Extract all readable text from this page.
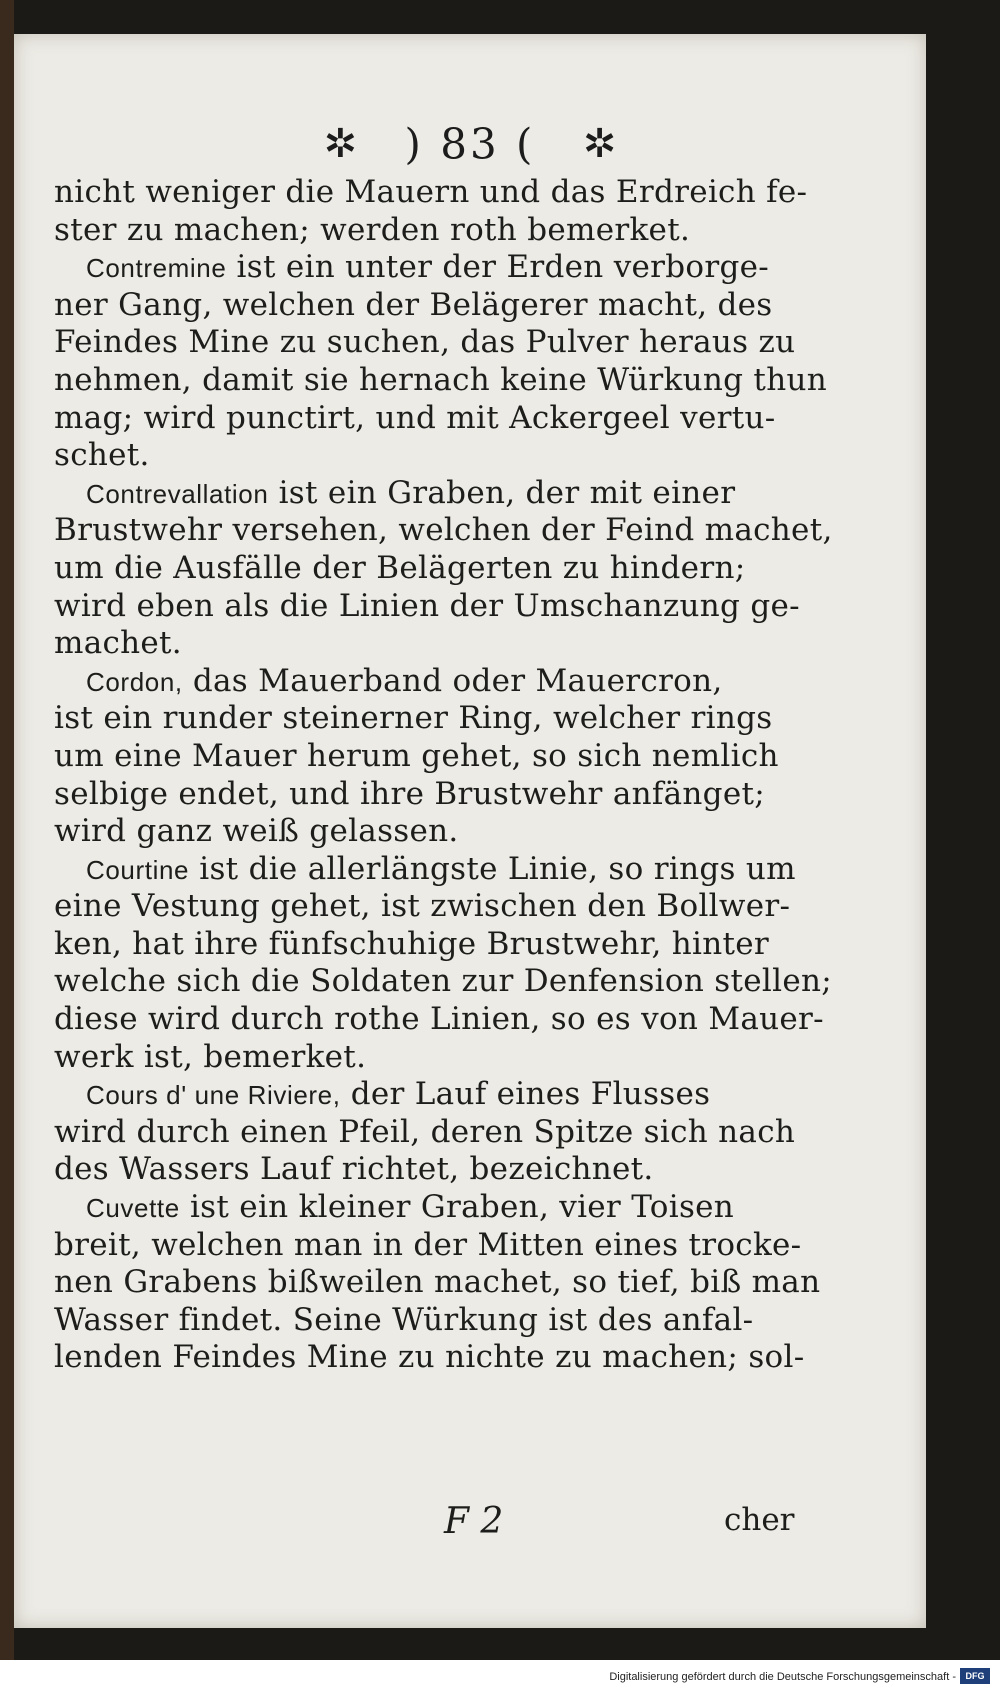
✲ ) 83 ( ✲
nicht weniger die Mauern und das Erdreich fe-
ster zu machen; werden roth bemerket.
Contremine ist ein unter der Erden verborge-
ner Gang, welchen der Belägerer macht, des
Feindes Mine zu suchen, das Pulver heraus zu
nehmen, damit sie hernach keine Würkung thun
mag; wird punctirt, und mit Ackergeel vertu-
schet.
Contrevallation ist ein Graben, der mit einer
Brustwehr versehen, welchen der Feind machet,
um die Ausfälle der Belägerten zu hindern;
wird eben als die Linien der Umschanzung ge-
machet.
Cordon, das Mauerband oder Mauercron,
ist ein runder steinerner Ring, welcher rings
um eine Mauer herum gehet, so sich nemlich
selbige endet, und ihre Brustwehr anfänget;
wird ganz weiß gelassen.
Courtine ist die allerlängste Linie, so rings um
eine Vestung gehet, ist zwischen den Bollwer-
ken, hat ihre fünfschuhige Brustwehr, hinter
welche sich die Soldaten zur Denfension stellen;
diese wird durch rothe Linien, so es von Mauer-
werk ist, bemerket.
Cours d' une Riviere, der Lauf eines Flusses
wird durch einen Pfeil, deren Spitze sich nach
des Wassers Lauf richtet, bezeichnet.
Cuvette ist ein kleiner Graben, vier Toisen
breit, welchen man in der Mitten eines trocke-
nen Grabens bißweilen machet, so tief, biß man
Wasser findet. Seine Würkung ist des anfal-
lenden Feindes Mine zu nichte zu machen; sol-
F 2	cher
Digitalisierung gefördert durch die Deutsche Forschungsgemeinschaft -	DFG
